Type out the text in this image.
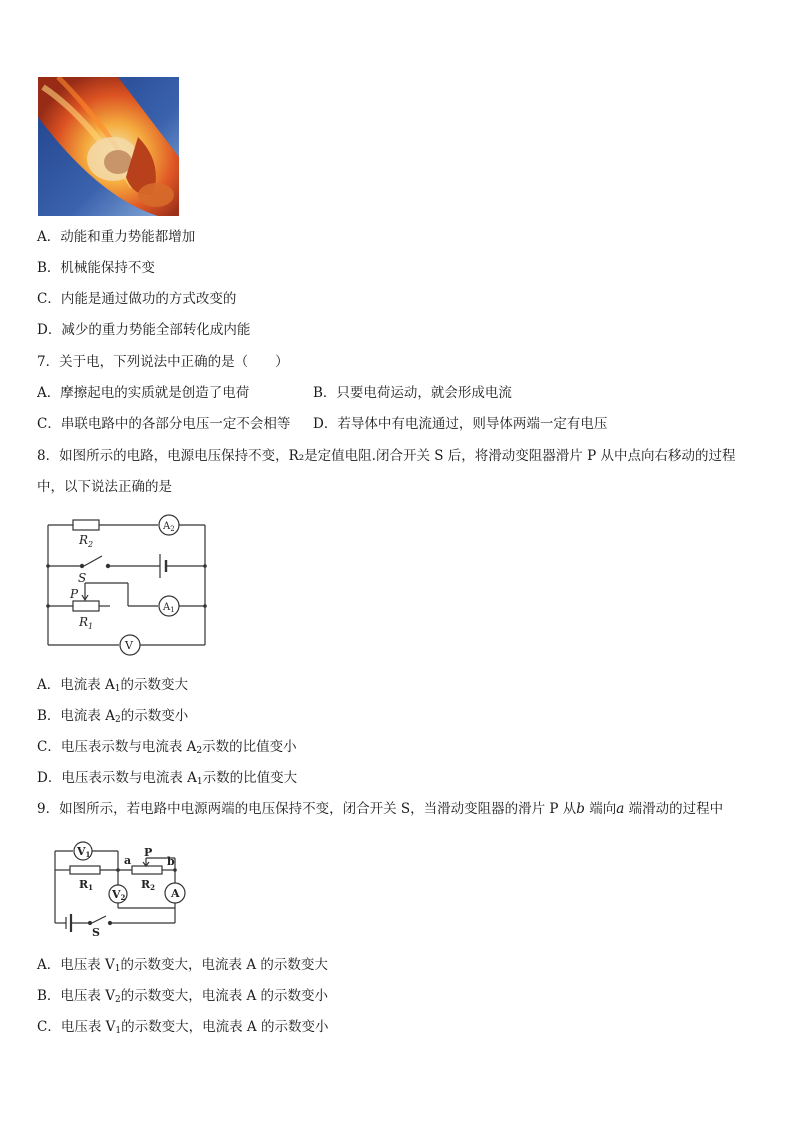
A．动能和重力势能都增加
B．机械能保持不变
C．内能是通过做功的方式改变的
D．减少的重力势能全部转化成内能
7．关于电，下列说法中正确的是（　　）
A．摩擦起电的实质就是创造了电荷	B．只要电荷运动，就会形成电流
C．串联电路中的各部分电压一定不会相等 D．若导体中有电流通过，则导体两端一定有电压
8．如图所示的电路，电源电压保持不变，R₂是定值电阻.闭合开关 S 后，将滑动变阻器滑片 P 从中点向右移动的过程
中，以下说法正确的是
$R_2$
$A_2$
S
P
$R_1$
$A_1$
V
A．电流表 $A_1$的示数变大
B．电流表 $A_2$的示数变小
C．电压表示数与电流表 $A_2$示数的比值变小
D．电压表示数与电流表 $A_1$示数的比值变大
9．如图所示，若电路中电源两端的电压保持不变，闭合开关 S，当滑动变阻器的滑片 P 从b 端向a 端滑动的过程中
V1
R1
a
P
b
R2
V2	A
S
A．电压表 $V_1$的示数变大，电流表 A 的示数变大
B．电压表 $V_2$的示数变大，电流表 A 的示数变小
C．电压表 $V_1$的示数变大，电流表 A 的示数变小
